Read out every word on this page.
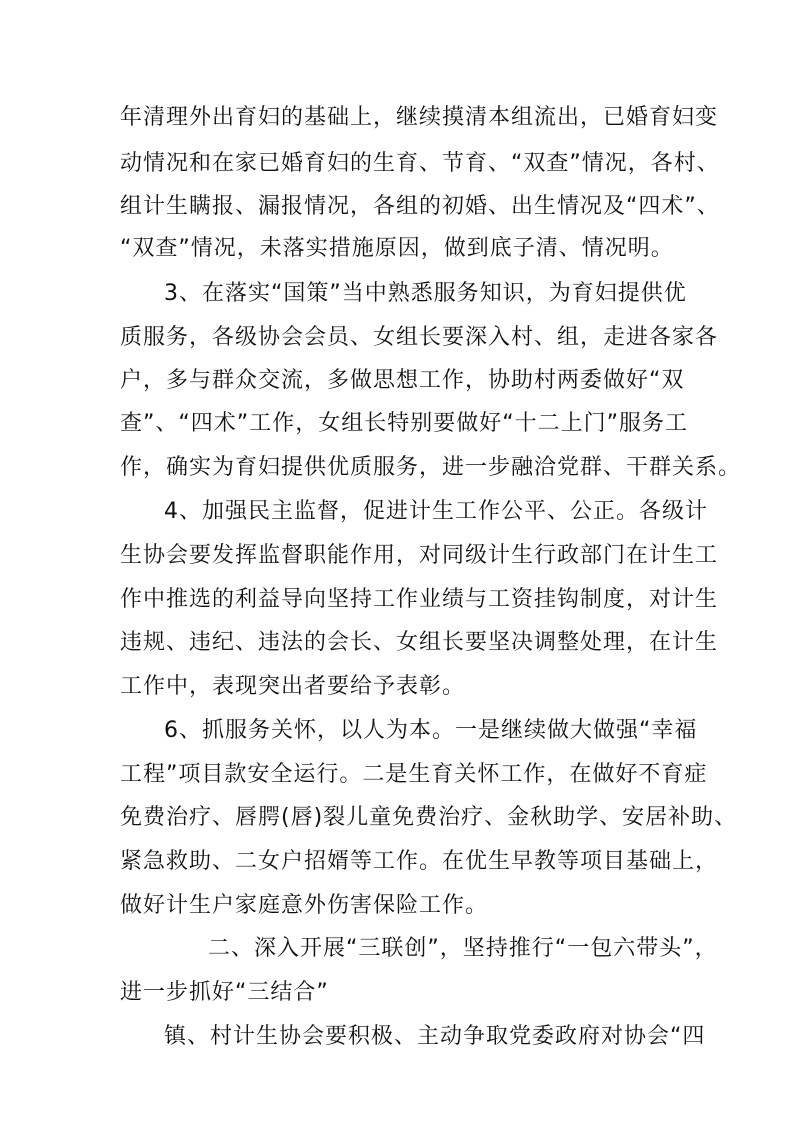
年清理外出育妇的基础上，继续摸清本组流出，已婚育妇变
动情况和在家已婚育妇的生育、节育、“双查”情况，各村、
组计生瞒报、漏报情况，各组的初婚、出生情况及“四术”、
“双查”情况，未落实措施原因，做到底子清、情况明。
3、在落实“国策”当中熟悉服务知识，为育妇提供优
质服务，各级协会会员、女组长要深入村、组，走进各家各
户，多与群众交流，多做思想工作，协助村两委做好“双
查”、“四术”工作，女组长特别要做好“十二上门”服务工
作，确实为育妇提供优质服务，进一步融洽党群、干群关系。
4、加强民主监督，促进计生工作公平、公正。各级计
生协会要发挥监督职能作用，对同级计生行政部门在计生工
作中推选的利益导向坚持工作业绩与工资挂钩制度，对计生
违规、违纪、违法的会长、女组长要坚决调整处理，在计生
工作中，表现突出者要给予表彰。
6、抓服务关怀，以人为本。一是继续做大做强“幸福
工程”项目款安全运行。二是生育关怀工作，在做好不育症
免费治疗、唇腭(唇)裂儿童免费治疗、金秋助学、安居补助、
紧急救助、二女户招婿等工作。在优生早教等项目基础上，
做好计生户家庭意外伤害保险工作。
二、深入开展“三联创”，坚持推行“一包六带头”，
进一步抓好“三结合”
镇、村计生协会要积极、主动争取党委政府对协会“四
